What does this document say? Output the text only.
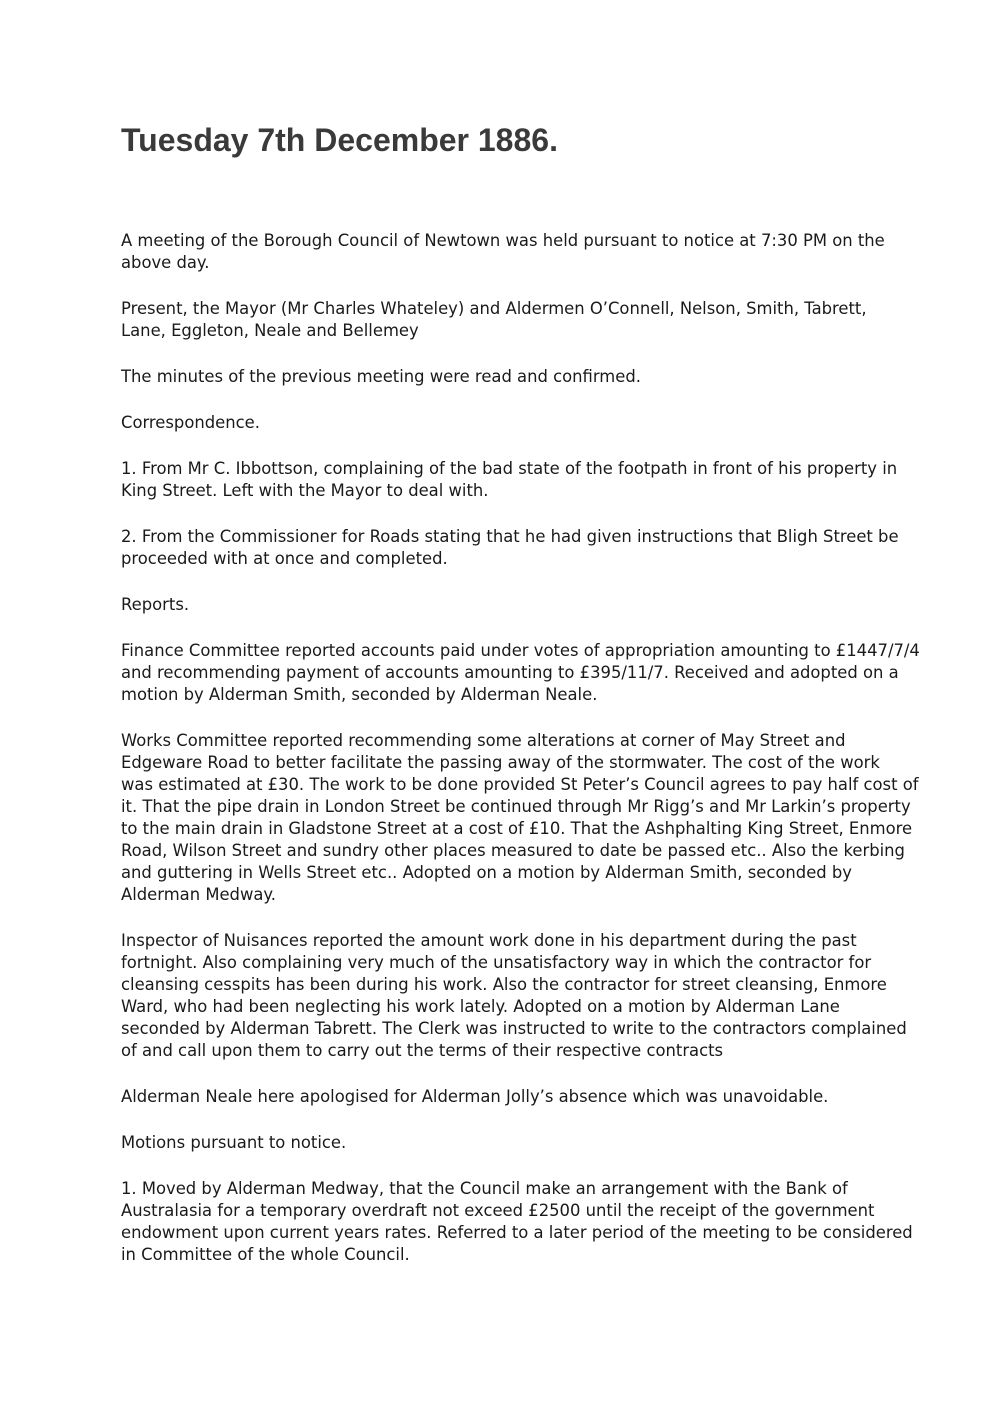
Tuesday 7th December 1886.

A meeting of the Borough Council of Newtown was held pursuant to notice at 7:30 PM on the
above day.

Present, the Mayor (Mr Charles Whateley) and Aldermen O’Connell, Nelson, Smith, Tabrett,
Lane, Eggleton, Neale and Bellemey

The minutes of the previous meeting were read and confirmed.

Correspondence.

1. From Mr C. Ibbottson, complaining of the bad state of the footpath in front of his property in
King Street. Left with the Mayor to deal with.

2. From the Commissioner for Roads stating that he had given instructions that Bligh Street be
proceeded with at once and completed.

Reports.

Finance Committee reported accounts paid under votes of appropriation amounting to £1447/7/4
and recommending payment of accounts amounting to £395/11/7. Received and adopted on a
motion by Alderman Smith, seconded by Alderman Neale.

Works Committee reported recommending some alterations at corner of May Street and
Edgeware Road to better facilitate the passing away of the stormwater. The cost of the work
was estimated at £30. The work to be done provided St Peter’s Council agrees to pay half cost of
it. That the pipe drain in London Street be continued through Mr Rigg’s and Mr Larkin’s property
to the main drain in Gladstone Street at a cost of £10. That the Ashphalting King Street, Enmore
Road, Wilson Street and sundry other places measured to date be passed etc.. Also the kerbing
and guttering in Wells Street etc.. Adopted on a motion by Alderman Smith, seconded by
Alderman Medway.

Inspector of Nuisances reported the amount work done in his department during the past
fortnight. Also complaining very much of the unsatisfactory way in which the contractor for
cleansing cesspits has been during his work. Also the contractor for street cleansing, Enmore
Ward, who had been neglecting his work lately. Adopted on a motion by Alderman Lane
seconded by Alderman Tabrett. The Clerk was instructed to write to the contractors complained
of and call upon them to carry out the terms of their respective contracts

Alderman Neale here apologised for Alderman Jolly’s absence which was unavoidable.

Motions pursuant to notice.

1. Moved by Alderman Medway, that the Council make an arrangement with the Bank of
Australasia for a temporary overdraft not exceed £2500 until the receipt of the government
endowment upon current years rates. Referred to a later period of the meeting to be considered
in Committee of the whole Council.
